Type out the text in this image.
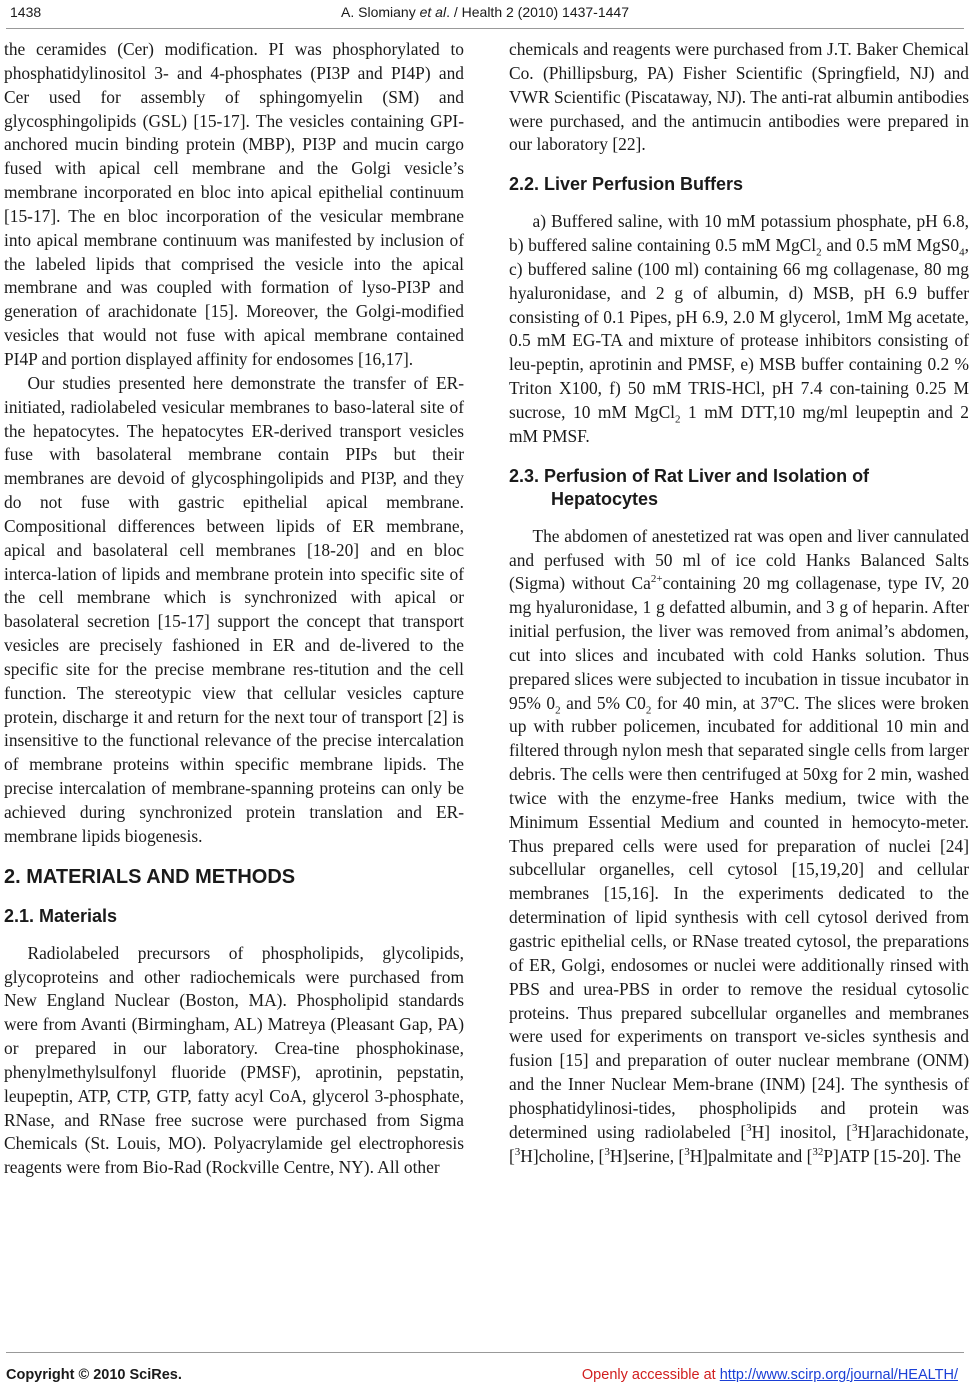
1438	A. Slomiany et al. / Health 2 (2010) 1437-1447

the ceramides (Cer) modification. PI was phosphorylated to phosphatidylinositol 3- and 4-phosphates (PI3P and PI4P) and Cer used for assembly of sphingomyelin (SM) and glycosphingolipids (GSL) [15-17]. The vesicles containing GPI-anchored mucin binding protein (MBP), PI3P and mucin cargo fused with apical cell membrane and the Golgi vesicle’s membrane incorporated en bloc into apical epithelial continuum [15-17]. The en bloc incorporation of the vesicular membrane into apical membrane continuum was manifested by inclusion of the labeled lipids that comprised the vesicle into the apical membrane and was coupled with formation of lyso-PI3P and generation of arachidonate [15]. Moreover, the Golgi-modified vesicles that would not fuse with apical membrane contained PI4P and portion displayed affinity for endosomes [16,17].

Our studies presented here demonstrate the transfer of ER-initiated, radiolabeled vesicular membranes to baso-lateral site of the hepatocytes. The hepatocytes ER-derived transport vesicles fuse with basolateral membrane contain PIPs but their membranes are devoid of glycosphingolipids and PI3P, and they do not fuse with gastric epithelial apical membrane. Compositional differences between lipids of ER membrane, apical and basolateral cell membranes [18-20] and en bloc interca-lation of lipids and membrane protein into specific site of the cell membrane which is synchronized with apical or basolateral secretion [15-17] support the concept that transport vesicles are precisely fashioned in ER and de-livered to the specific site for the precise membrane res-titution and the cell function. The stereotypic view that cellular vesicles capture protein, discharge it and return for the next tour of transport [2] is insensitive to the functional relevance of the precise intercalation of membrane proteins within specific membrane lipids. The precise intercalation of membrane-spanning proteins can only be achieved during synchronized protein translation and ER-membrane lipids biogenesis.

2. MATERIALS AND METHODS
2.1. Materials

Radiolabeled precursors of phospholipids, glycolipids, glycoproteins and other radiochemicals were purchased from New England Nuclear (Boston, MA). Phospholipid standards were from Avanti (Birmingham, AL) Matreya (Pleasant Gap, PA) or prepared in our laboratory. Crea-tine phosphokinase, phenylmethylsulfonyl fluoride (PMSF), aprotinin, pepstatin, leupeptin, ATP, CTP, GTP, fatty acyl CoA, glycerol 3-phosphate, RNase, and RNase free sucrose were purchased from Sigma Chemicals (St. Louis, MO). Polyacrylamide gel electrophoresis reagents were from Bio-Rad (Rockville Centre, NY). All other

chemicals and reagents were purchased from J.T. Baker Chemical Co. (Phillipsburg, PA) Fisher Scientific (Springfield, NJ) and VWR Scientific (Piscataway, NJ). The anti-rat albumin antibodies were purchased, and the antimucin antibodies were prepared in our laboratory [22].

2.2. Liver Perfusion Buffers

a) Buffered saline, with 10 mM potassium phosphate, pH 6.8, b) buffered saline containing 0.5 mM MgCl$_2$ and 0.5 mM $MgS0_4$, c) buffered saline (100 ml) containing 66 mg collagenase, 80 mg hyaluronidase, and 2 g of albumin, d) MSB, pH 6.9 buffer consisting of 0.1 Pipes, pH 6.9, 2.0 M glycerol, 1mM Mg acetate, 0.5 mM EG-TA and mixture of protease inhibitors consisting of leu-peptin, aprotinin and PMSF, e) MSB buffer containing 0.2 % Triton X100, f) 50 mM TRIS-HCl, pH 7.4 con-taining 0.25 M sucrose, 10 mM MgCl$_2$ 1 mM DTT,10 mg/ml leupeptin and 2 mM PMSF.

2.3. Perfusion of Rat Liver and Isolation of Hepatocytes

The abdomen of anestetized rat was open and liver cannulated and perfused with 50 ml of ice cold Hanks Balanced Salts (Sigma) without $Ca^{2+}containing$ 20 mg collagenase, type IV, 20 mg hyaluronidase, 1 g defatted albumin, and 3 g of heparin. After initial perfusion, the liver was removed from animal’s abdomen, cut into slices and incubated with cold Hanks solution. Thus prepared slices were subjected to incubation in tissue incubator in 95% $0_2$ and 5% $C0_2$ for 40 min, at 37ºC. The slices were broken up with rubber policemen, incubated for additional 10 min and filtered through nylon mesh that separated single cells from larger debris. The cells were then centrifuged at 50xg for 2 min, washed twice with the enzyme-free Hanks medium, twice with the Minimum Essential Medium and counted in hemocyto-meter. Thus prepared cells were used for preparation of nuclei [24] subcellular organelles, cell cytosol [15,19,20] and cellular membranes [15,16]. In the experiments dedicated to the determination of lipid synthesis with cell cytosol derived from gastric epithelial cells, or RNase treated cytosol, the preparations of ER, Golgi, endosomes or nuclei were additionally rinsed with PBS and urea-PBS in order to remove the residual cytosolic proteins. Thus prepared subcellular organelles and membranes were used for experiments on transport ve-sicles synthesis and fusion [15] and preparation of outer nuclear membrane (ONM) and the Inner Nuclear Mem-brane (INM) [24]. The synthesis of phosphatidylinosi-tides, phospholipids and protein was determined using radiolabeled [$^3$H] inositol, [$^3$H]arachidonate, [$^3$H]choline, [$^3$H]serine, [$^3$H]palmitate and [$^{32}$P]ATP [15-20]. The

Copyright © 2010 SciRes.	Openly accessible at http://www.scirp.org/journal/HEALTH/
